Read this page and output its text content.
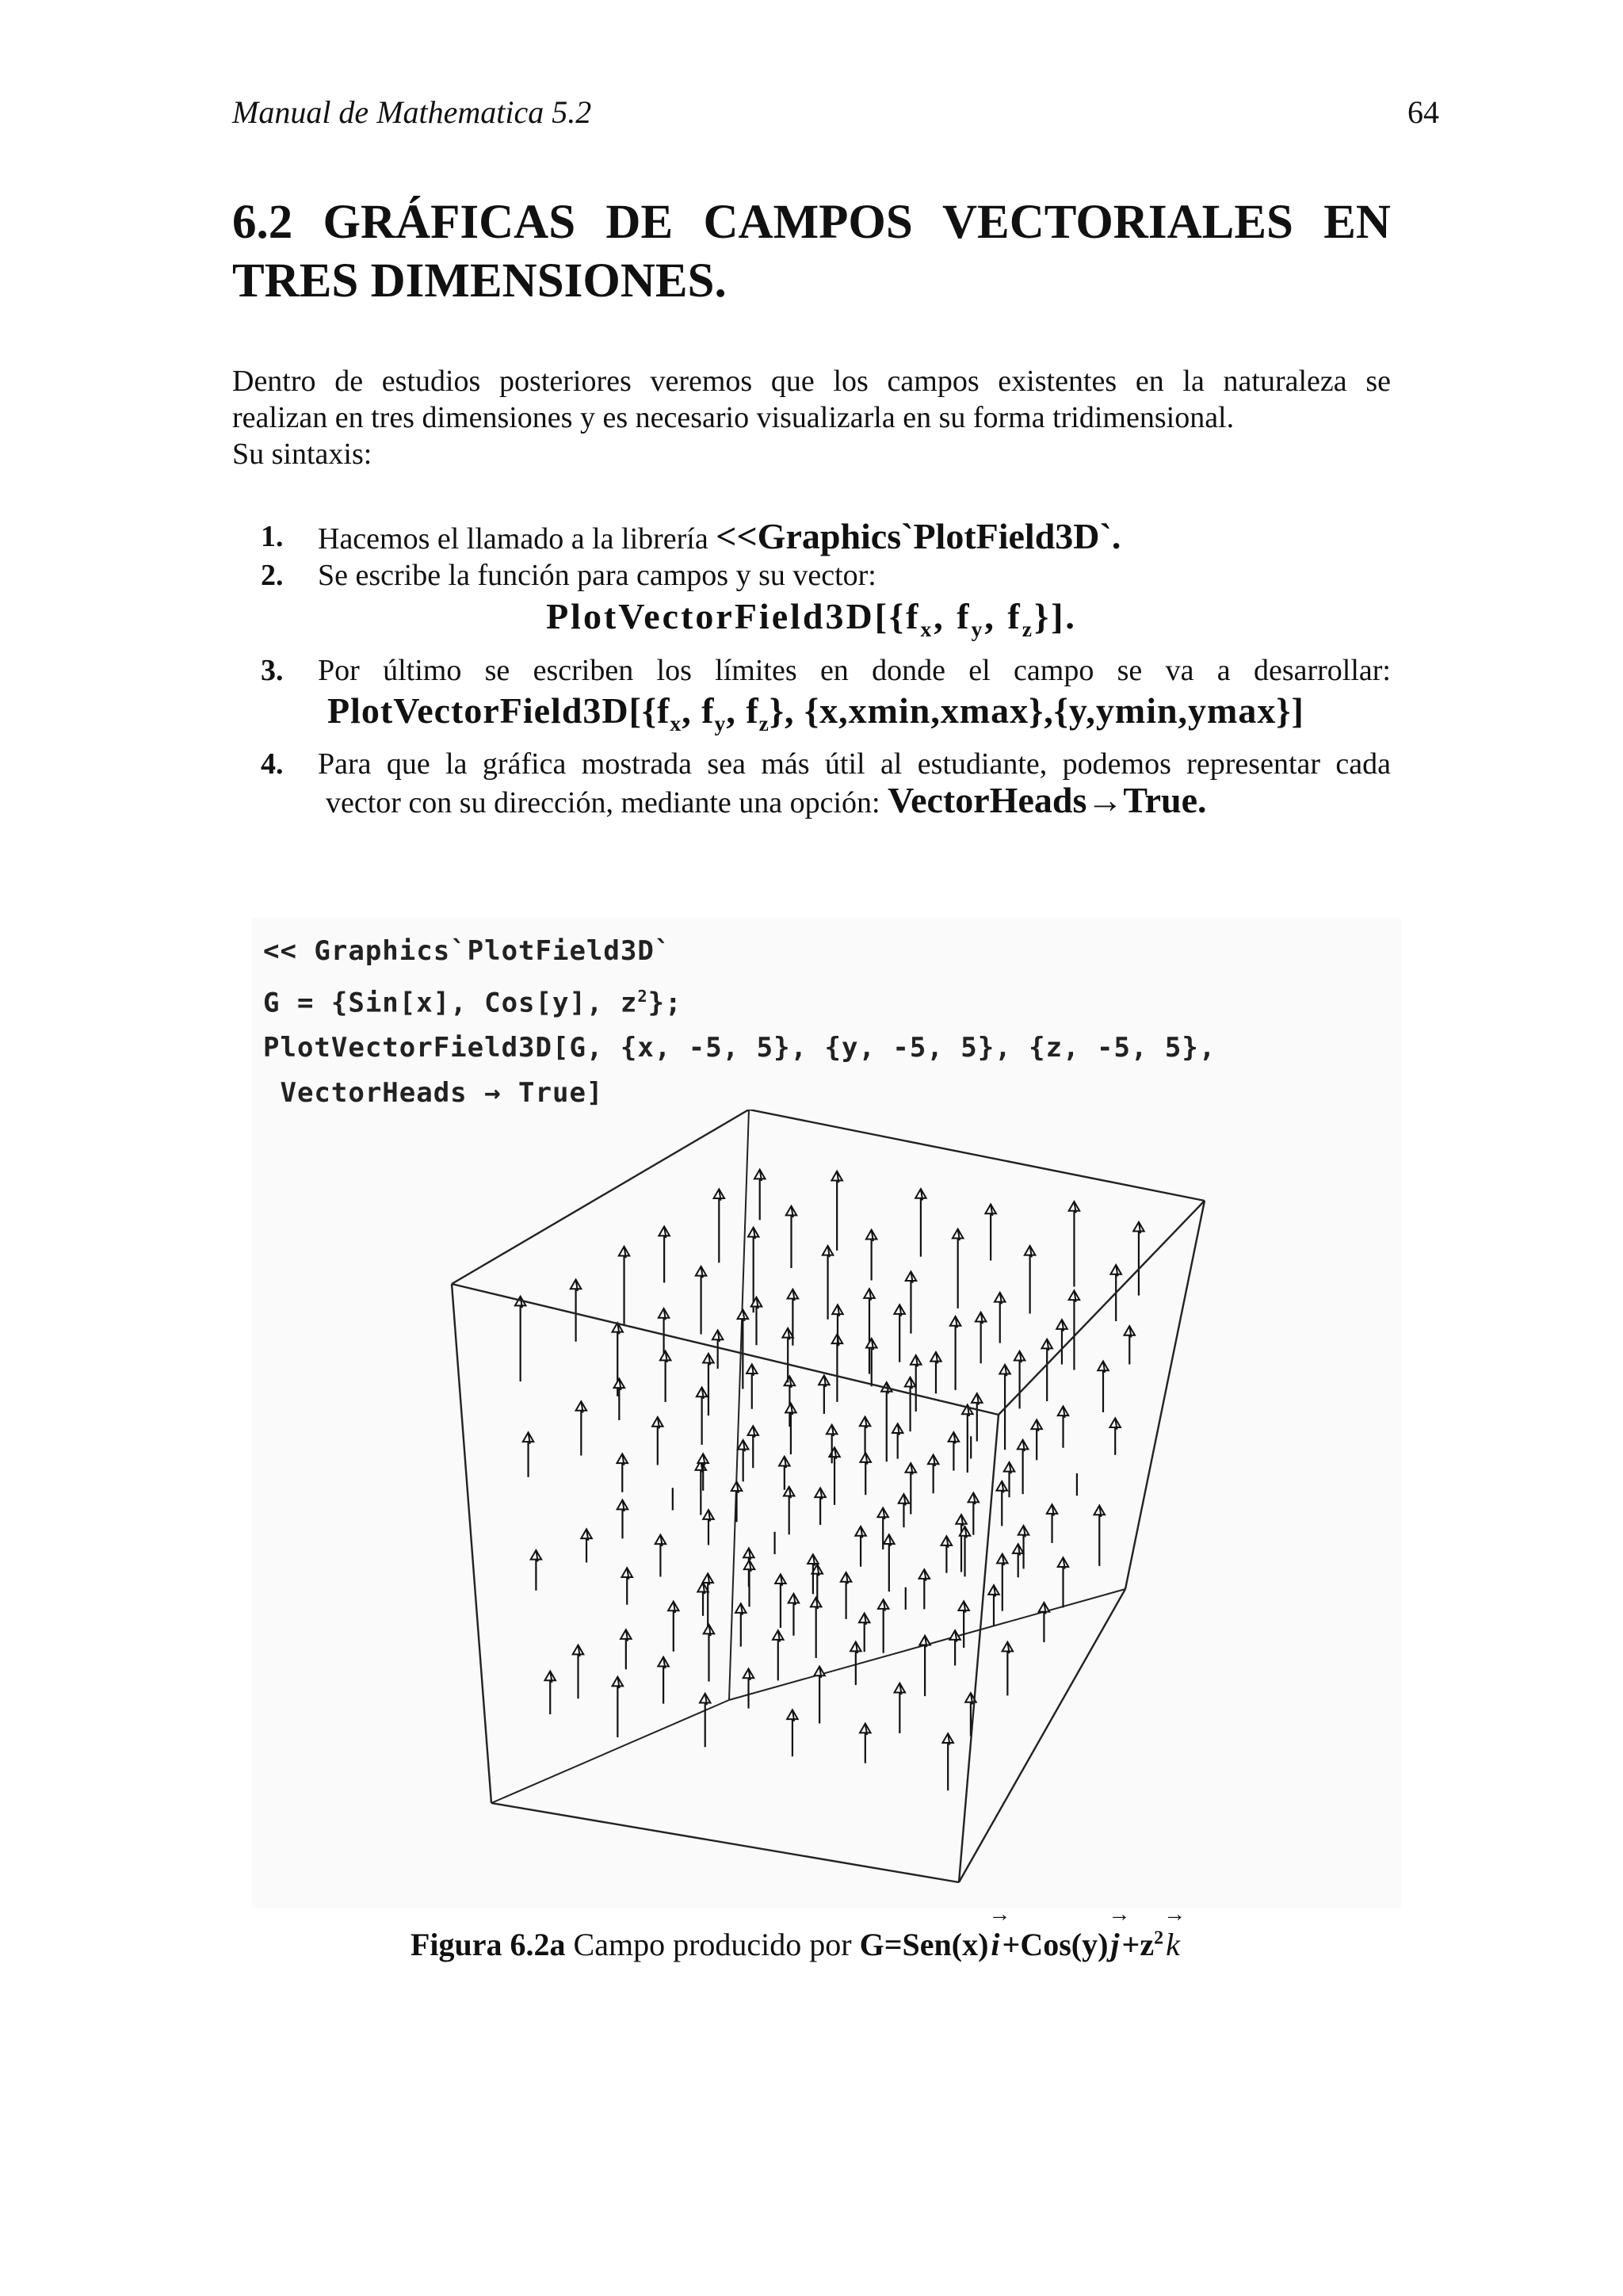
Manual de Mathematica 5.2	64
6.2 GRÁFICAS DE CAMPOS VECTORIALES EN
TRES DIMENSIONES.
Dentro de estudios posteriores veremos que los campos existentes en la naturaleza se
realizan en tres dimensiones y es necesario visualizarla en su forma tridimensional.
Su sintaxis:
1. Hacemos el llamado a la librería <<Graphics`PlotField3D`.
2. Se escribe la función para campos y su vector:
$PlotVectorField3D[\{f_x$, $f_y$, $f_z$}].
3. Por último se escriben los límites en donde el campo se va a desarrollar:
$PlotVectorField3D[\{f_x$, $f_y$, $f_z$}, {x,xmin,xmax},{y,ymin,ymax}]
4. Para que la gráfica mostrada sea más útil al estudiante, podemos representar cada
vector con su dirección, mediante una opción: VectorHeads→True.
<< Graphics`PlotField3D`
G = {Sin[x], Cos[y], $z^2$};
PlotVectorField3D[G, {x, -5, 5}, {y, -5, 5}, {z, -5, 5},
VectorHeads → True]
Figura 6.2a Campo producido por $G=Sen(x)\to i+Cos(y)\to j+z^2\to k$
